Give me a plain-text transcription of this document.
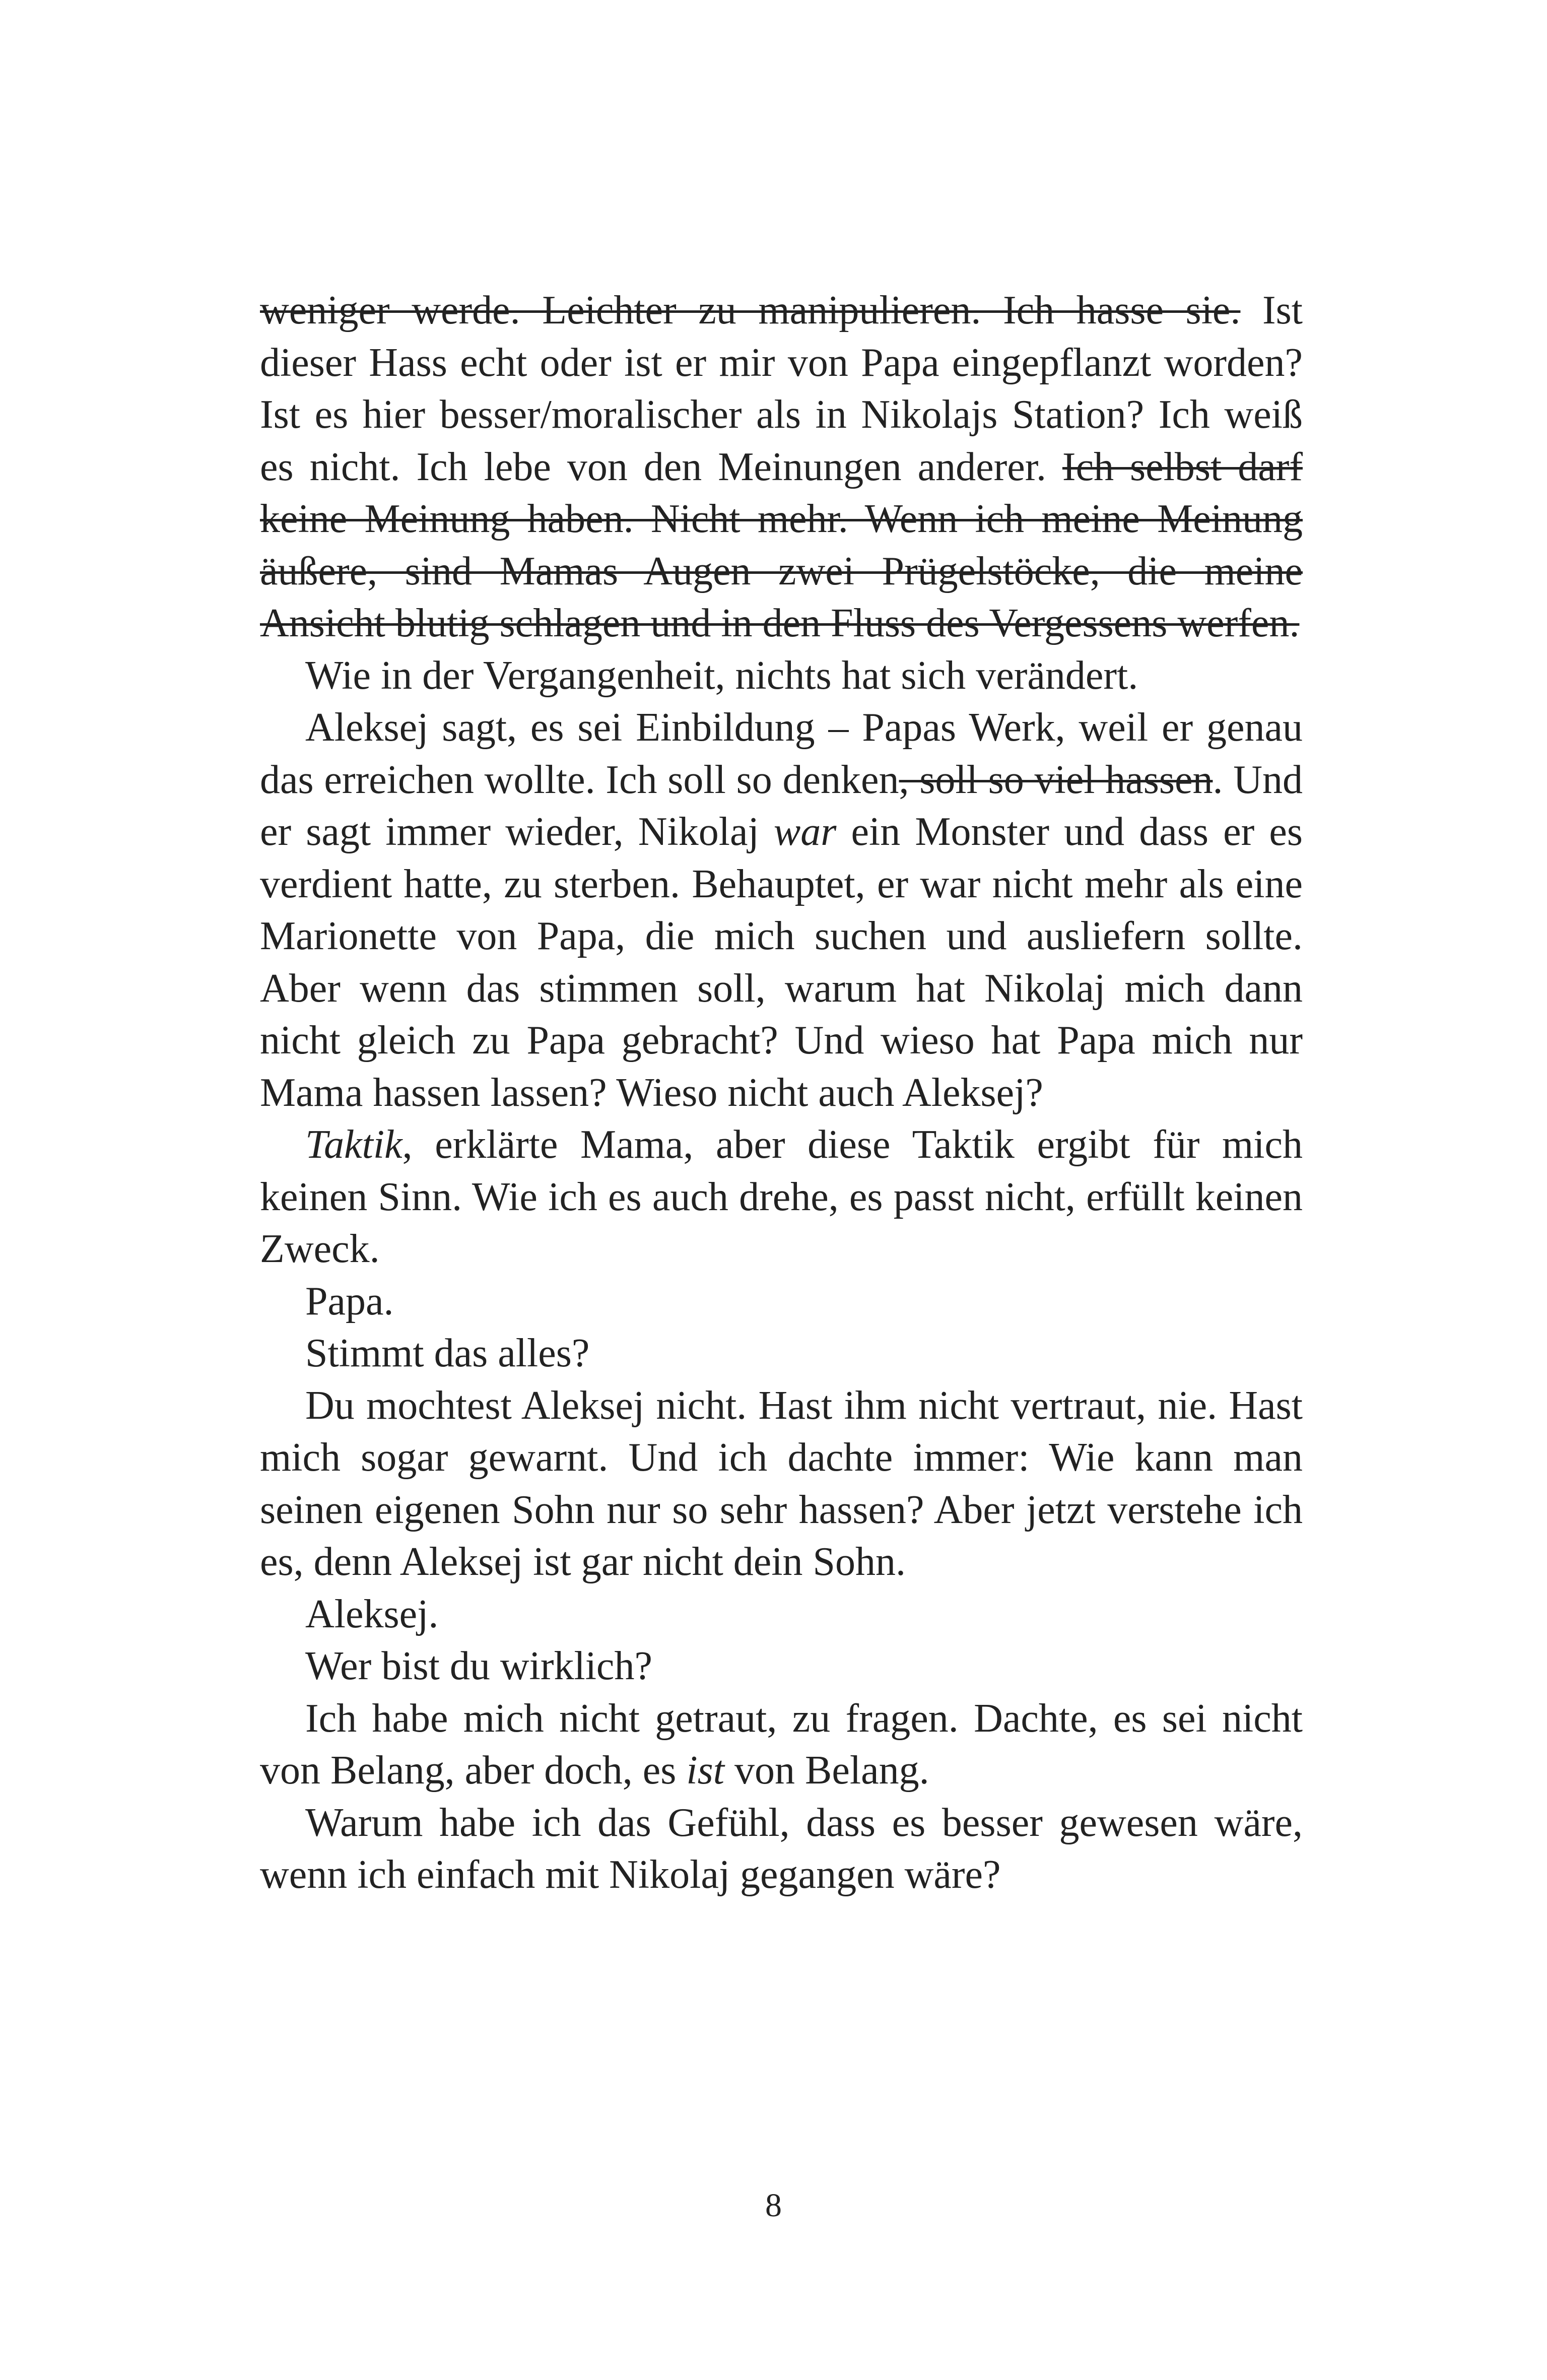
weniger werde. Leichter zu manipulieren. Ich hasse sie. Ist dieser Hass echt oder ist er mir von Papa eingepflanzt worden? Ist es hier besser/moralischer als in Nikolajs Station? Ich weiß es nicht. Ich lebe von den Meinungen anderer. Ich selbst darf keine Meinung haben. Nicht mehr. Wenn ich meine Meinung äußere, sind Mamas Augen zwei Prügelstöcke, die meine Ansicht blutig schlagen und in den Fluss des Vergessens werfen.

Wie in der Vergangenheit, nichts hat sich verändert.

Aleksej sagt, es sei Einbildung – Papas Werk, weil er genau das erreichen wollte. Ich soll so denken, soll so viel hassen. Und er sagt immer wieder, Nikolaj war ein Monster und dass er es verdient hatte, zu sterben. Behauptet, er war nicht mehr als eine Marionette von Papa, die mich suchen und ausliefern sollte. Aber wenn das stimmen soll, warum hat Nikolaj mich dann nicht gleich zu Papa gebracht? Und wieso hat Papa mich nur Mama hassen lassen? Wieso nicht auch Aleksej?

Taktik, erklärte Mama, aber diese Taktik ergibt für mich keinen Sinn. Wie ich es auch drehe, es passt nicht, erfüllt keinen Zweck.

Papa.

Stimmt das alles?

Du mochtest Aleksej nicht. Hast ihm nicht vertraut, nie. Hast mich sogar gewarnt. Und ich dachte immer: Wie kann man seinen eigenen Sohn nur so sehr hassen? Aber jetzt verstehe ich es, denn Aleksej ist gar nicht dein Sohn.

Aleksej.

Wer bist du wirklich?

Ich habe mich nicht getraut, zu fragen. Dachte, es sei nicht von Belang, aber doch, es ist von Belang.

Warum habe ich das Gefühl, dass es besser gewesen wäre, wenn ich einfach mit Nikolaj gegangen wäre?

8
